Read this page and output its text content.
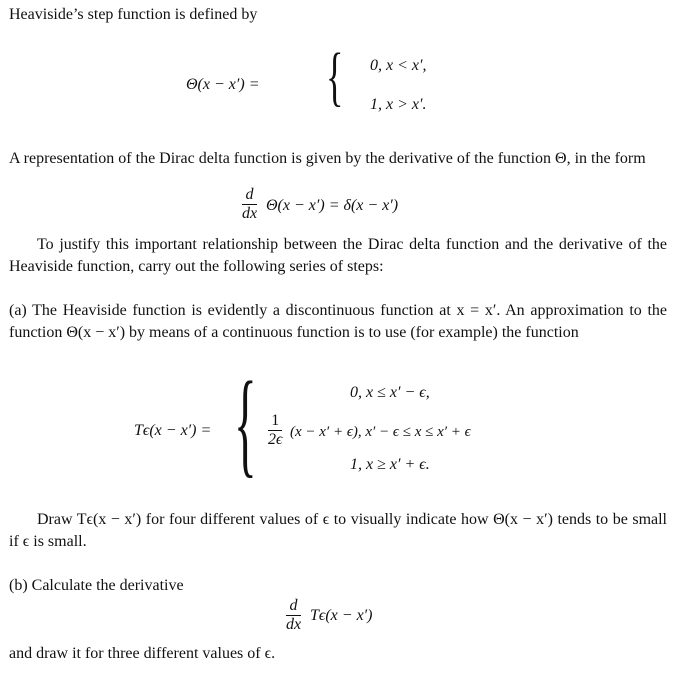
Heaviside’s step function is defined by

Θ(x − x′) = { 0, x < x′,
1, x > x′.

A representation of the Dirac delta function is given by the derivative of the function Θ, in the form

d
dx Θ(x − x′) = δ(x − x′)

To justify this important relationship between the Dirac delta function and the derivative of the Heaviside function, carry out the following series of steps:

(a) The Heaviside function is evidently a discontinuous function at x = x′. An approximation to the function Θ(x − x′) by means of a continuous function is to use (for example) the function

Tϵ(x − x′) = {	0, x ≤ x′ − ϵ,
1
2ϵ (x − x′ + ϵ), x′ − ϵ ≤ x ≤ x′ + ϵ
1, x ≥ x′ + ϵ.

Draw Tϵ(x − x′) for four different values of ϵ to visually indicate how Θ(x − x′) tends to be small if ϵ is small.

(b) Calculate the derivative

d
dx
Tϵ(x − x′)

and draw it for three different values of ϵ.
